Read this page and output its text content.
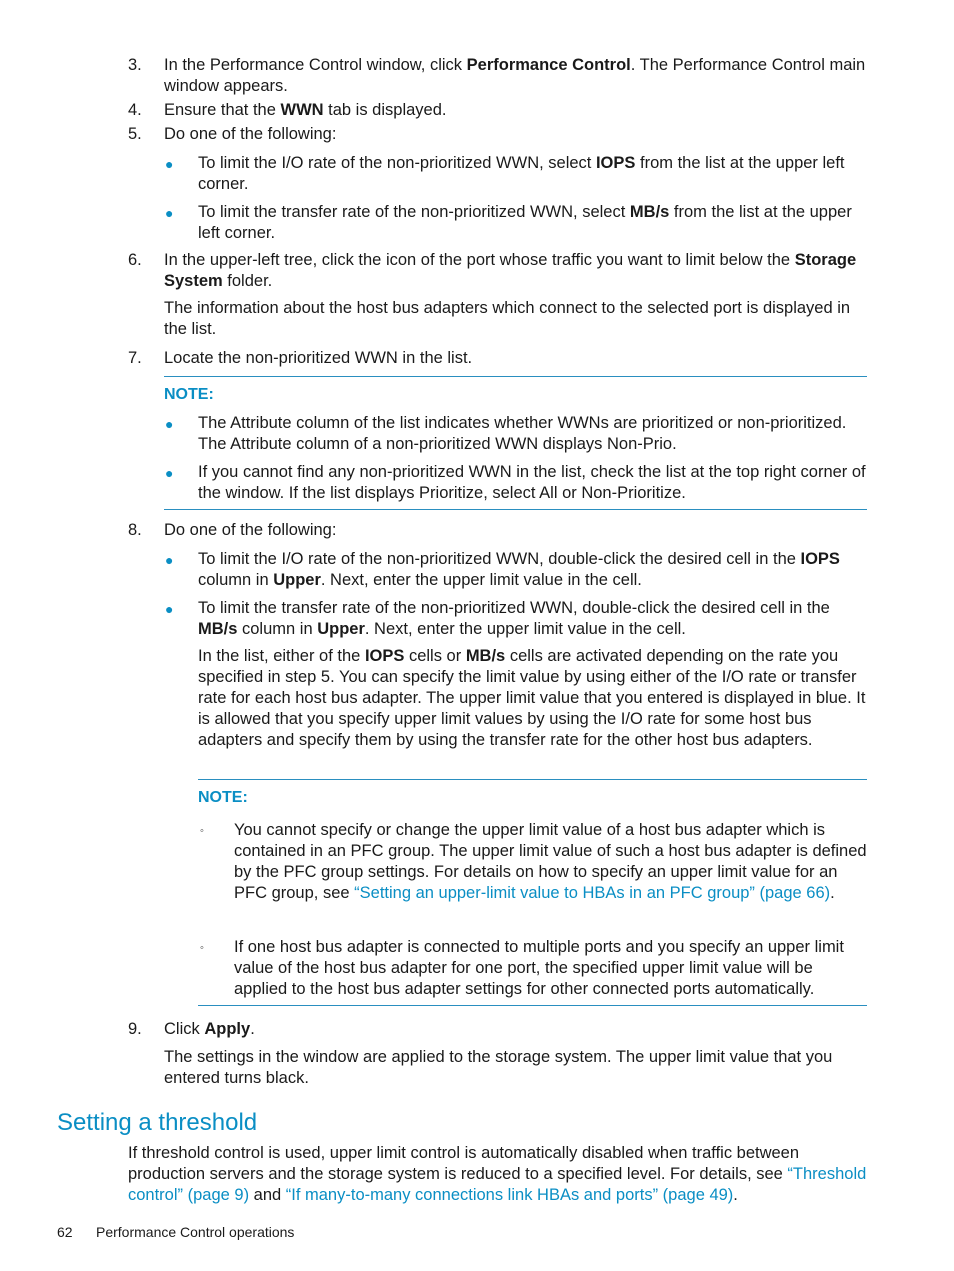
3.	In the Performance Control window, click Performance Control. The Performance Control main window appears.
4.	Ensure that the WWN tab is displayed.
5.	Do one of the following:
● To limit the I/O rate of the non-prioritized WWN, select IOPS from the list at the upper left corner.
● To limit the transfer rate of the non-prioritized WWN, select MB/s from the list at the upper left corner.
6.	In the upper-left tree, click the icon of the port whose traffic you want to limit below the Storage System folder.
The information about the host bus adapters which connect to the selected port is displayed in the list.
7.	Locate the non-prioritized WWN in the list.
NOTE:
● The Attribute column of the list indicates whether WWNs are prioritized or non-prioritized. The Attribute column of a non-prioritized WWN displays Non-Prio.
● If you cannot find any non-prioritized WWN in the list, check the list at the top right corner of the window. If the list displays Prioritize, select All or Non-Prioritize.
8.	Do one of the following:
● To limit the I/O rate of the non-prioritized WWN, double-click the desired cell in the IOPS column in Upper. Next, enter the upper limit value in the cell.
● To limit the transfer rate of the non-prioritized WWN, double-click the desired cell in the MB/s column in Upper. Next, enter the upper limit value in the cell.
In the list, either of the IOPS cells or MB/s cells are activated depending on the rate you specified in step 5. You can specify the limit value by using either of the I/O rate or transfer rate for each host bus adapter. The upper limit value that you entered is displayed in blue. It is allowed that you specify upper limit values by using the I/O rate for some host bus adapters and specify them by using the transfer rate for the other host bus adapters.
NOTE:
◦ You cannot specify or change the upper limit value of a host bus adapter which is contained in an PFC group. The upper limit value of such a host bus adapter is defined by the PFC group settings. For details on how to specify an upper limit value for an PFC group, see “Setting an upper-limit value to HBAs in an PFC group” (page 66).
◦ If one host bus adapter is connected to multiple ports and you specify an upper limit value of the host bus adapter for one port, the specified upper limit value will be applied to the host bus adapter settings for other connected ports automatically.
9.	Click Apply.
The settings in the window are applied to the storage system. The upper limit value that you entered turns black.
Setting a threshold
If threshold control is used, upper limit control is automatically disabled when traffic between production servers and the storage system is reduced to a specified level. For details, see “Threshold control” (page 9) and “If many-to-many connections link HBAs and ports” (page 49).
62 Performance Control operations
